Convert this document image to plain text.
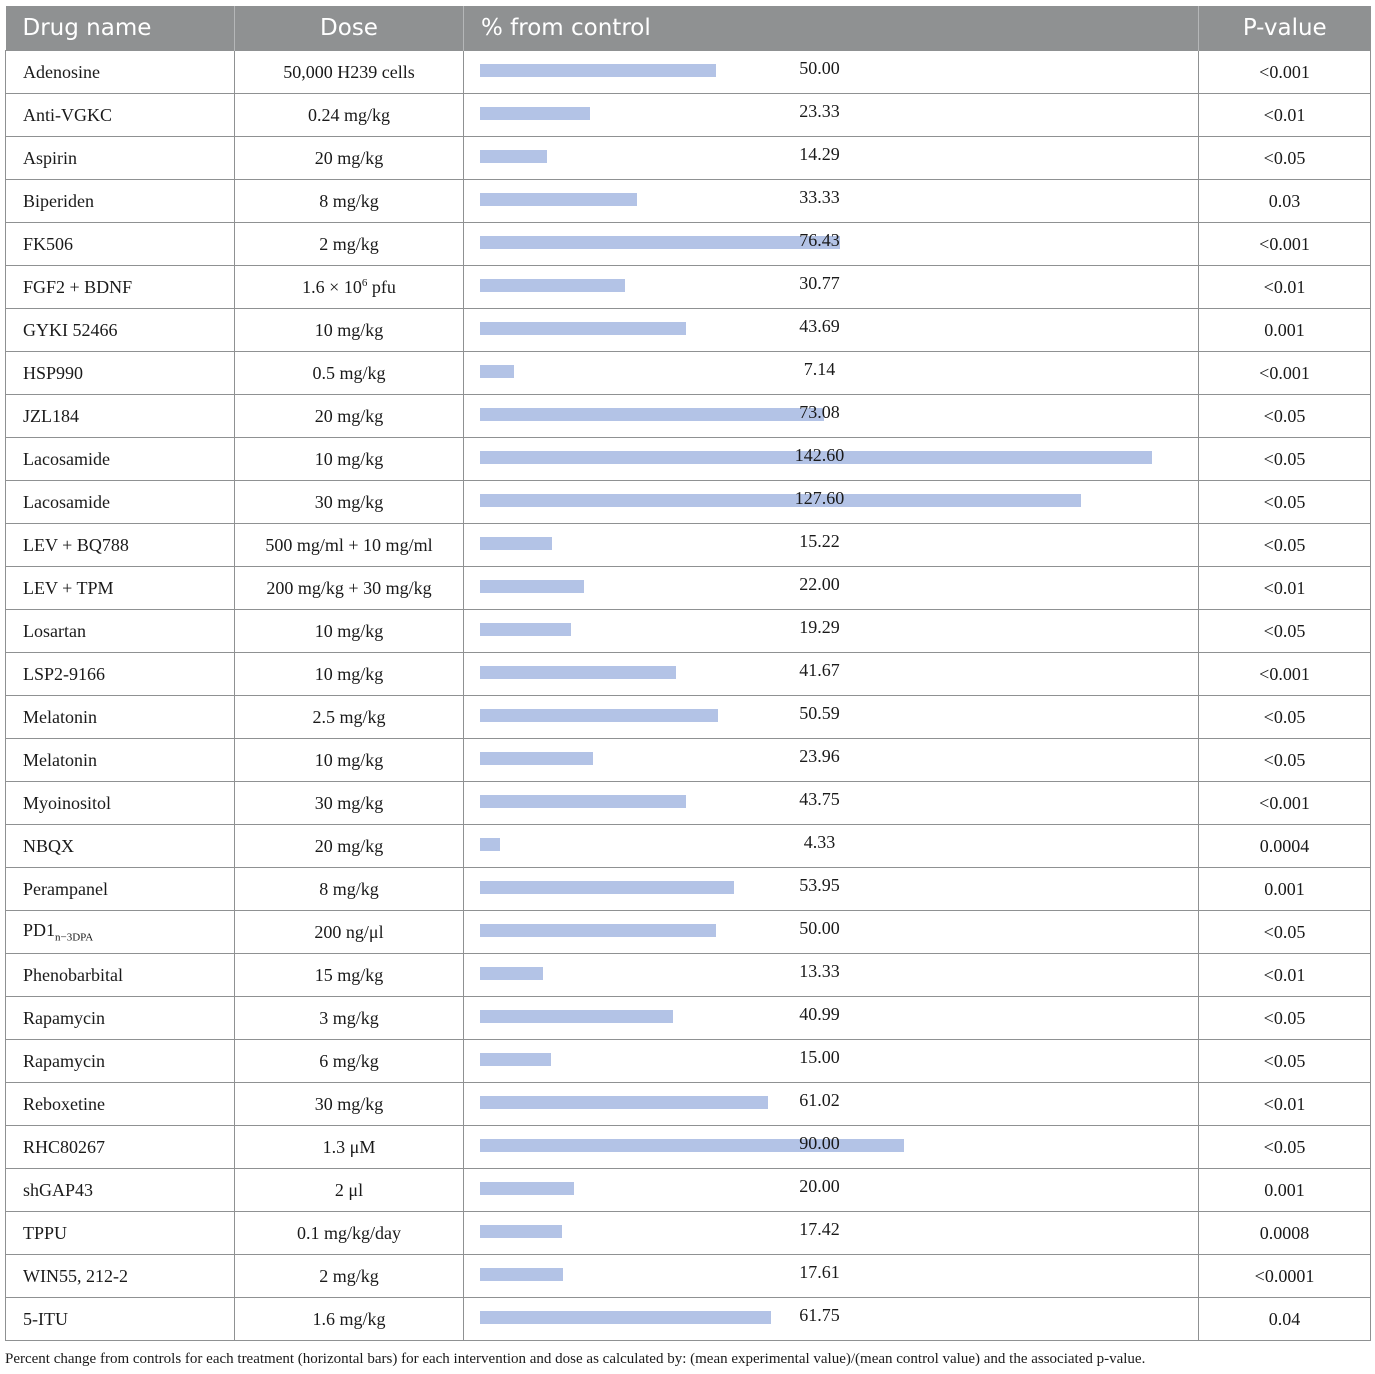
Drug name	Dose	% from control	P-value
Adenosine	50,000 H239 cells	50.00	<0.001
Anti-VGKC	0.24 mg/kg	23.33	<0.01
Aspirin	20 mg/kg	14.29	<0.05
Biperiden	8 mg/kg	33.33	0.03
FK506	2 mg/kg	76.43	<0.001
FGF2 + BDNF	$1.6 \times 10^6$ pfu	30.77	<0.01
GYKI 52466	10 mg/kg	43.69	0.001
HSP990	0.5 mg/kg	7.14	<0.001
JZL184	20 mg/kg	73.08	<0.05
Lacosamide	10 mg/kg	142.60	<0.05
Lacosamide	30 mg/kg	127.60	<0.05
LEV + BQ788	500 mg/ml + 10 mg/ml	15.22	<0.05
LEV + TPM	200 mg/kg + 30 mg/kg	22.00	<0.01
Losartan	10 mg/kg	19.29	<0.05
LSP2-9166	10 mg/kg	41.67	<0.001
Melatonin	2.5 mg/kg	50.59	<0.05
Melatonin	10 mg/kg	23.96	<0.05
Myoinositol	30 mg/kg	43.75	<0.001
NBQX	20 mg/kg	4.33	0.0004
Perampanel	8 mg/kg	53.95	0.001
$PD1_{n-3DPA}$	200 ng/μl	50.00	<0.05
Phenobarbital	15 mg/kg	13.33	<0.01
Rapamycin	3 mg/kg	40.99	<0.05
Rapamycin	6 mg/kg	15.00	<0.05
Reboxetine	30 mg/kg	61.02	<0.01
RHC80267	1.3 μM	90.00	<0.05
shGAP43	2 μl	20.00	0.001
TPPU	0.1 mg/kg/day	17.42	0.0008
WIN55, 212-2	2 mg/kg	17.61	<0.0001
5-ITU	1.6 mg/kg	61.75	0.04
Percent change from controls for each treatment (horizontal bars) for each intervention and dose as calculated by: (mean experimental value)/(mean control value) and the associated p-value.
